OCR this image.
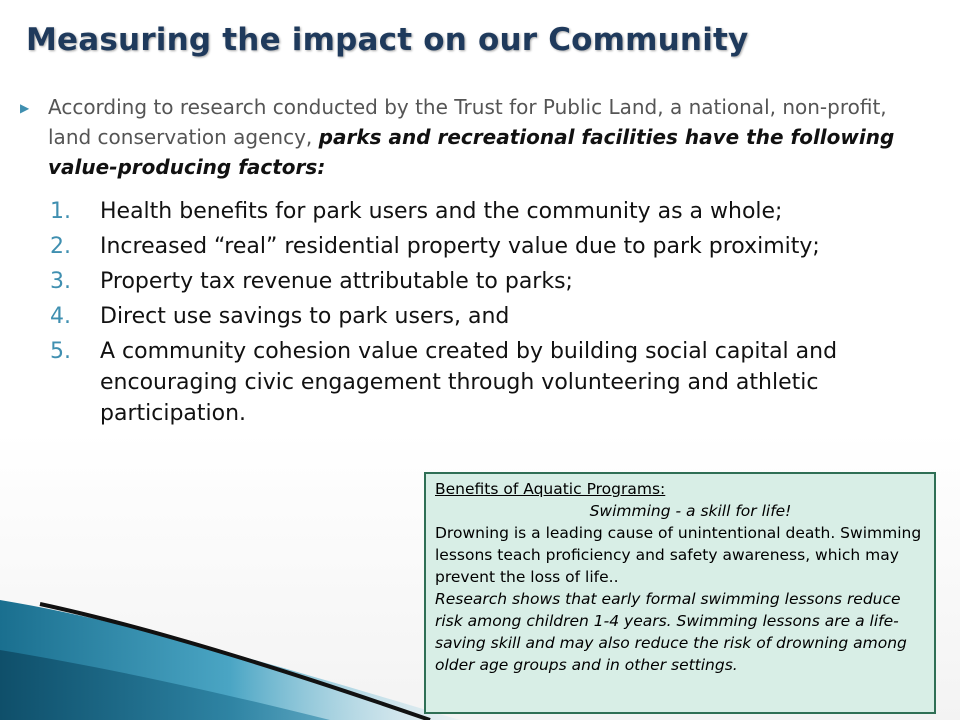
Measuring the impact on our Community
▶ According to research conducted by the Trust for Public Land, a national, non-profit, land conservation agency, parks and recreational facilities have the following value-producing factors:
1. Health benefits for park users and the community as a whole;
2. Increased “real” residential property value due to park proximity;
3. Property tax revenue attributable to parks;
4. Direct use savings to park users, and
5. A community cohesion value created by building social capital and encouraging civic engagement through volunteering and athletic participation.
Benefits of Aquatic Programs:
Swimming - a skill for life!
Drowning is a leading cause of unintentional death. Swimming lessons teach proficiency and safety awareness, which may prevent the loss of life..
Research shows that early formal swimming lessons reduce risk among children 1-4 years. Swimming lessons are a life-saving skill and may also reduce the risk of drowning among older age groups and in other settings.
